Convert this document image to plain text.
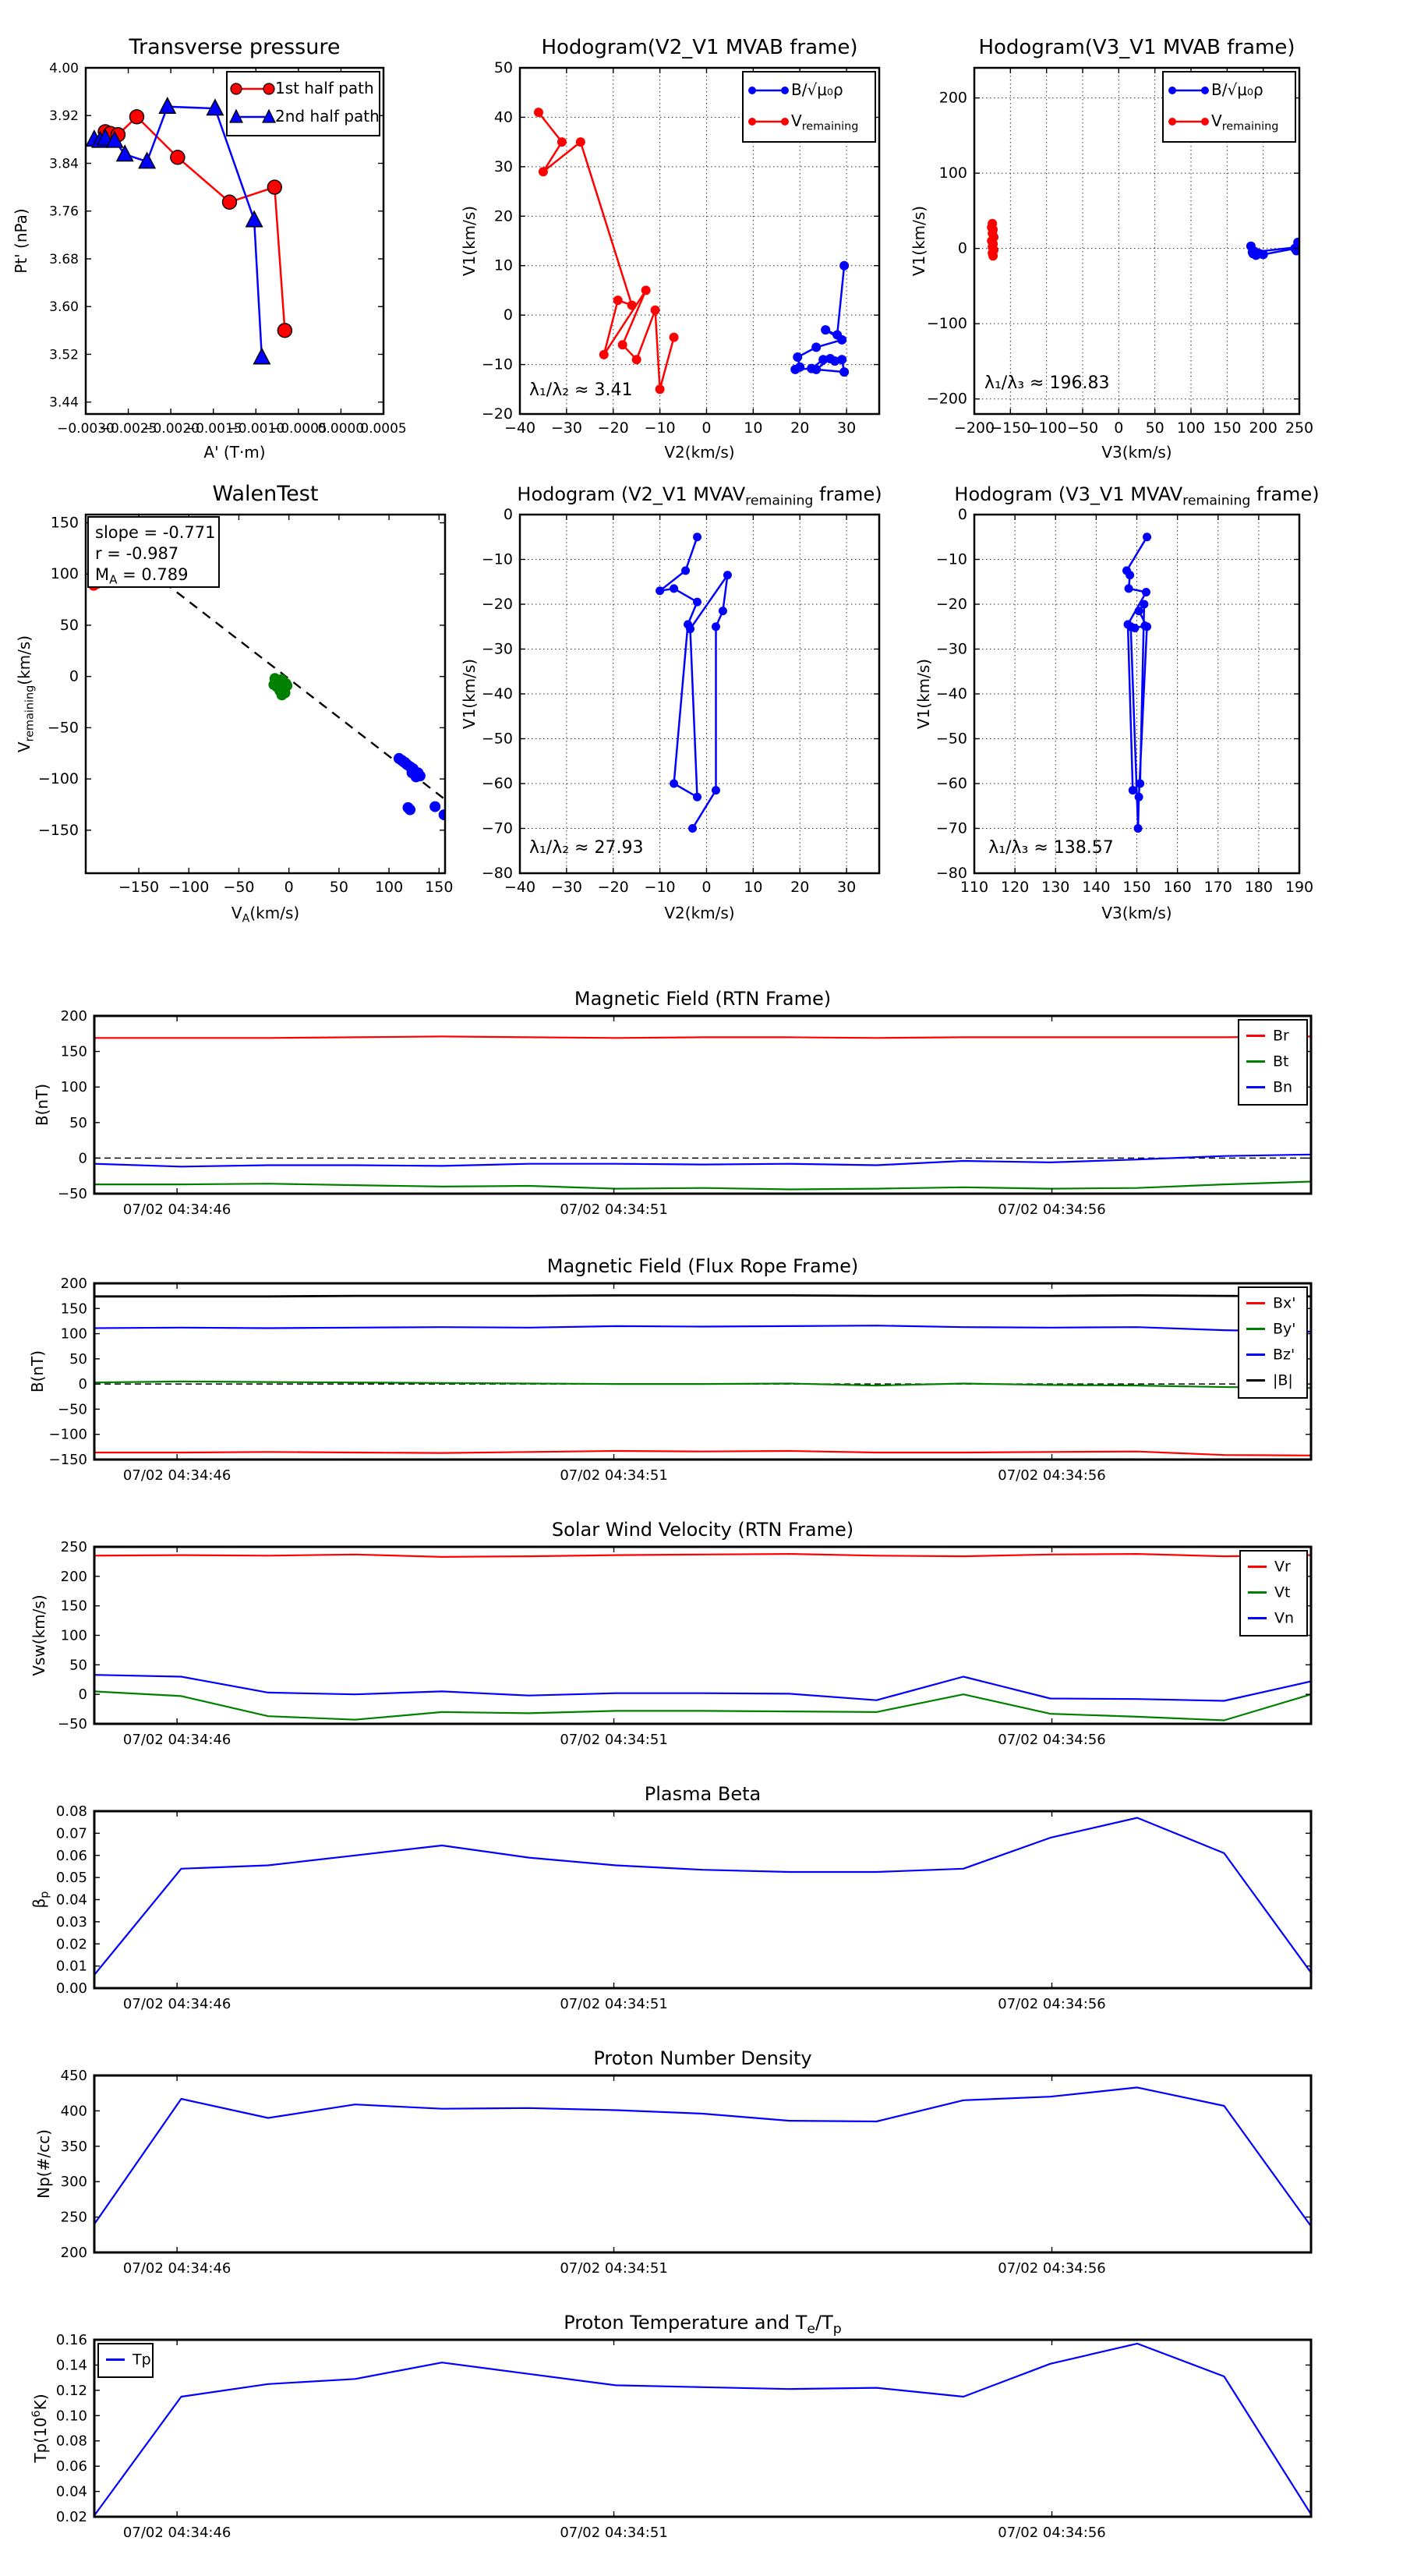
−0.0030
−0.0025
−0.0020
−0.0015
−0.0010
−0.0005
0.0000
0.0005
3.44
3.52
3.60
3.68
3.76
3.84
3.92
4.00
Transverse pressure
A' (T·m)
Pt' (nPa)
1st half path
2nd half path
−40 −30 −20 −10 0 10 20 30
−20
−10
0
10
20
30
40
50
Hodogram(V2_V1 MVAB frame)
V2(km/s)
V1(km/s)
λ₁/λ₂ ≈ 3.41
B/√μ₀ρ
$V_{remaining}$
−200
−150
−100 −50 0 50 100 150 200 250
−200
−100
0
100
200
Hodogram(V3_V1 MVAB frame)
V3(km/s)
V1(km/s)
λ₁/λ₃ ≈ 196.83
B/√μ₀ρ
$V_{remaining}$
−150 −100 −50 0 50 100 150
−150
−100
−50
0
50
100
150
WalenTest
$V_A(km/s)$
$V_{remaining}(km/s)$
slope = -0.771
r = -0.987
$M_A = 0.789$
−40 −30 −20 −10 0 10 20 30
−80
−70
−60
−50
−40
−30
−20
−10
0
Hodogram (V2_V1 $MVAV_{remaining}$ frame)
V2(km/s)
V1(km/s)
λ₁/λ₂ ≈ 27.93
110 120 130 140 150 160 170 180 190
−80
−70
−60
−50
−40
−30
−20
−10
0
Hodogram (V3_V1 $MVAV_{remaining}$ frame)
V3(km/s)
V1(km/s)
λ₁/λ₃ ≈ 138.57
07/02 04:34:46	07/02 04:34:51	07/02 04:34:56
−50
0
50
100
150
200
Magnetic Field (RTN Frame)
B(nT)
Br
Bt
Bn
07/02 04:34:46	07/02 04:34:51	07/02 04:34:56
−150
−100
−50
0
50
100
150
200
Magnetic Field (Flux Rope Frame)
B(nT)
Bx'
By'
Bz'
|B|
07/02 04:34:46	07/02 04:34:51	07/02 04:34:56
−50
0
50
100
150
200
250
Solar Wind Velocity (RTN Frame)
Vsw(km/s)
Vr
Vt
Vn
07/02 04:34:46	07/02 04:34:51	07/02 04:34:56
0.00
0.01
0.02
0.03
0.04
0.05
0.06
0.07
0.08
Plasma Beta
$\beta_p$
07/02 04:34:46	07/02 04:34:51	07/02 04:34:56
200
250
300
350
400
450
Proton Number Density
Np(#/cc)
07/02 04:34:46	07/02 04:34:51	07/02 04:34:56
0.02
0.04
0.06
0.08
0.10
0.12
0.14
0.16
Proton Temperature and $T_e/T_p$
$Tp(10^6K)$
Tp
